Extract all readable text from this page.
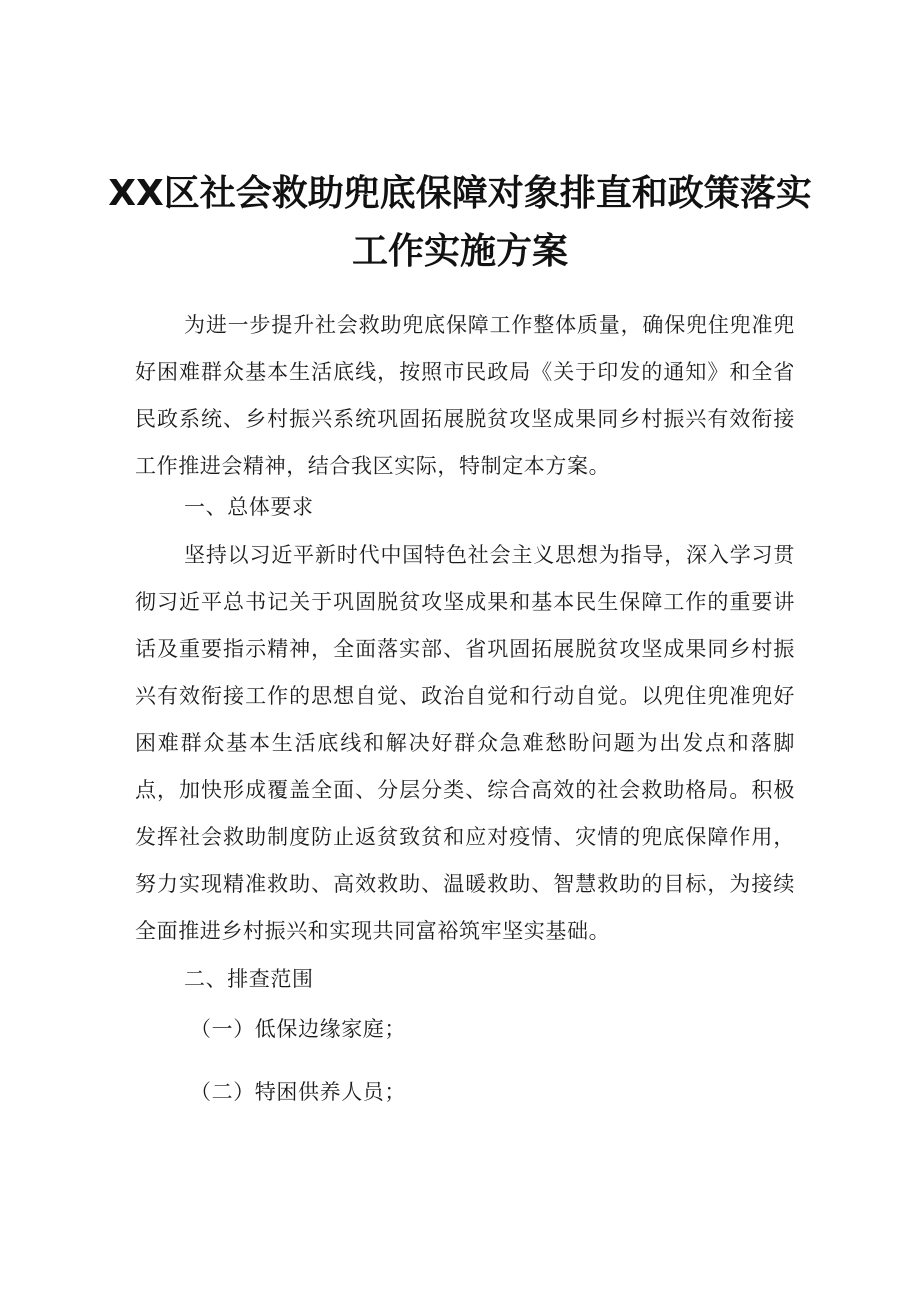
XX区社会救助兜底保障对象排直和政策落实
工作实施方案

为进一步提升社会救助兜底保障工作整体质量，确保兜住兜准兜好困难群众基本生活底线，按照市民政局《关于印发的通知》和全省民政系统、乡村振兴系统巩固拓展脱贫攻坚成果同乡村振兴有效衔接工作推进会精神，结合我区实际，特制定本方案。

一、总体要求

坚持以习近平新时代中国特色社会主义思想为指导，深入学习贯彻习近平总书记关于巩固脱贫攻坚成果和基本民生保障工作的重要讲话及重要指示精神，全面落实部、省巩固拓展脱贫攻坚成果同乡村振兴有效衔接工作的思想自觉、政治自觉和行动自觉。以兜住兜准兜好困难群众基本生活底线和解决好群众急难愁盼问题为出发点和落脚点，加快形成覆盖全面、分层分类、综合高效的社会救助格局。积极发挥社会救助制度防止返贫致贫和应对疫情、灾情的兜底保障作用，努力实现精准救助、高效救助、温暖救助、智慧救助的目标，为接续全面推进乡村振兴和实现共同富裕筑牢坚实基础。

二、排查范围

（一）低保边缘家庭；

（二）特困供养人员；
